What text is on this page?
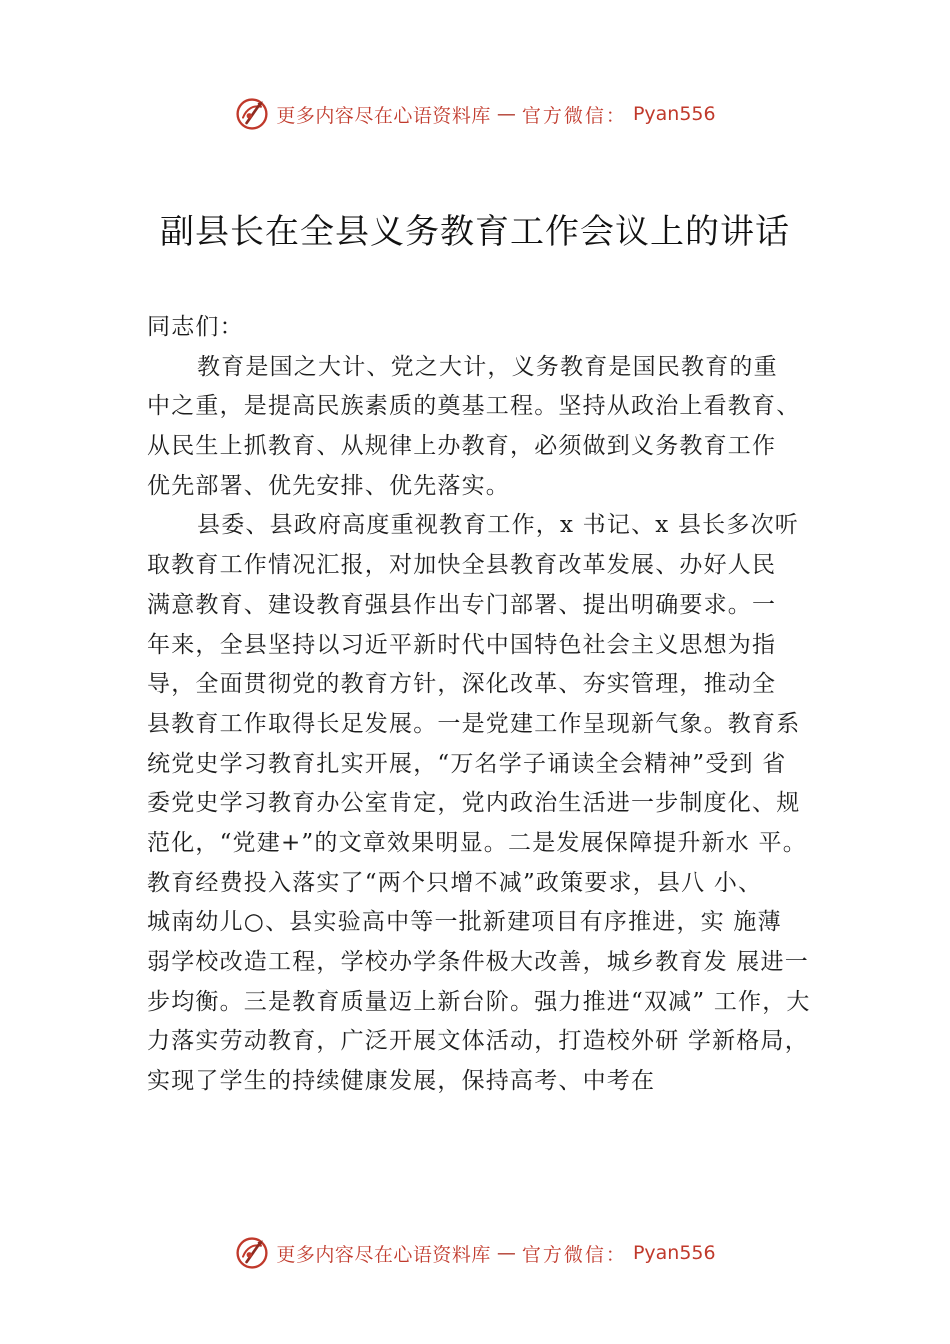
更多内容尽在心语资料库 — 官方微信： Pyan556
副县长在全县义务教育工作会议上的讲话
同志们：
教育是国之大计、党之大计，义务教育是国民教育的重
中之重，是提高民族素质的奠基工程。坚持从政治上看教育、
从民生上抓教育、从规律上办教育，必须做到义务教育工作
优先部署、优先安排、优先落实。
县委、县政府高度重视教育工作，x 书记、x 县长多次听
取教育工作情况汇报，对加快全县教育改革发展、办好人民
满意教育、建设教育强县作出专门部署、提出明确要求。一
年来，全县坚持以习近平新时代中国特色社会主义思想为指
导，全面贯彻党的教育方针，深化改革、夯实管理，推动全
县教育工作取得长足发展。一是党建工作呈现新气象。教育系
统党史学习教育扎实开展，“万名学子诵读全会精神”受到 省
委党史学习教育办公室肯定，党内政治生活进一步制度化、规
范化，“党建+”的文章效果明显。二是发展保障提升新水 平。
教育经费投入落实了“两个只增不减”政策要求，县八 小、
城南幼儿○、县实验高中等一批新建项目有序推进，实 施薄
弱学校改造工程，学校办学条件极大改善，城乡教育发 展进一
步均衡。三是教育质量迈上新台阶。强力推进“双减” 工作，大
力落实劳动教育，广泛开展文体活动，打造校外研 学新格局，
实现了学生的持续健康发展，保持高考、中考在
更多内容尽在心语资料库 — 官方微信： Pyan556
